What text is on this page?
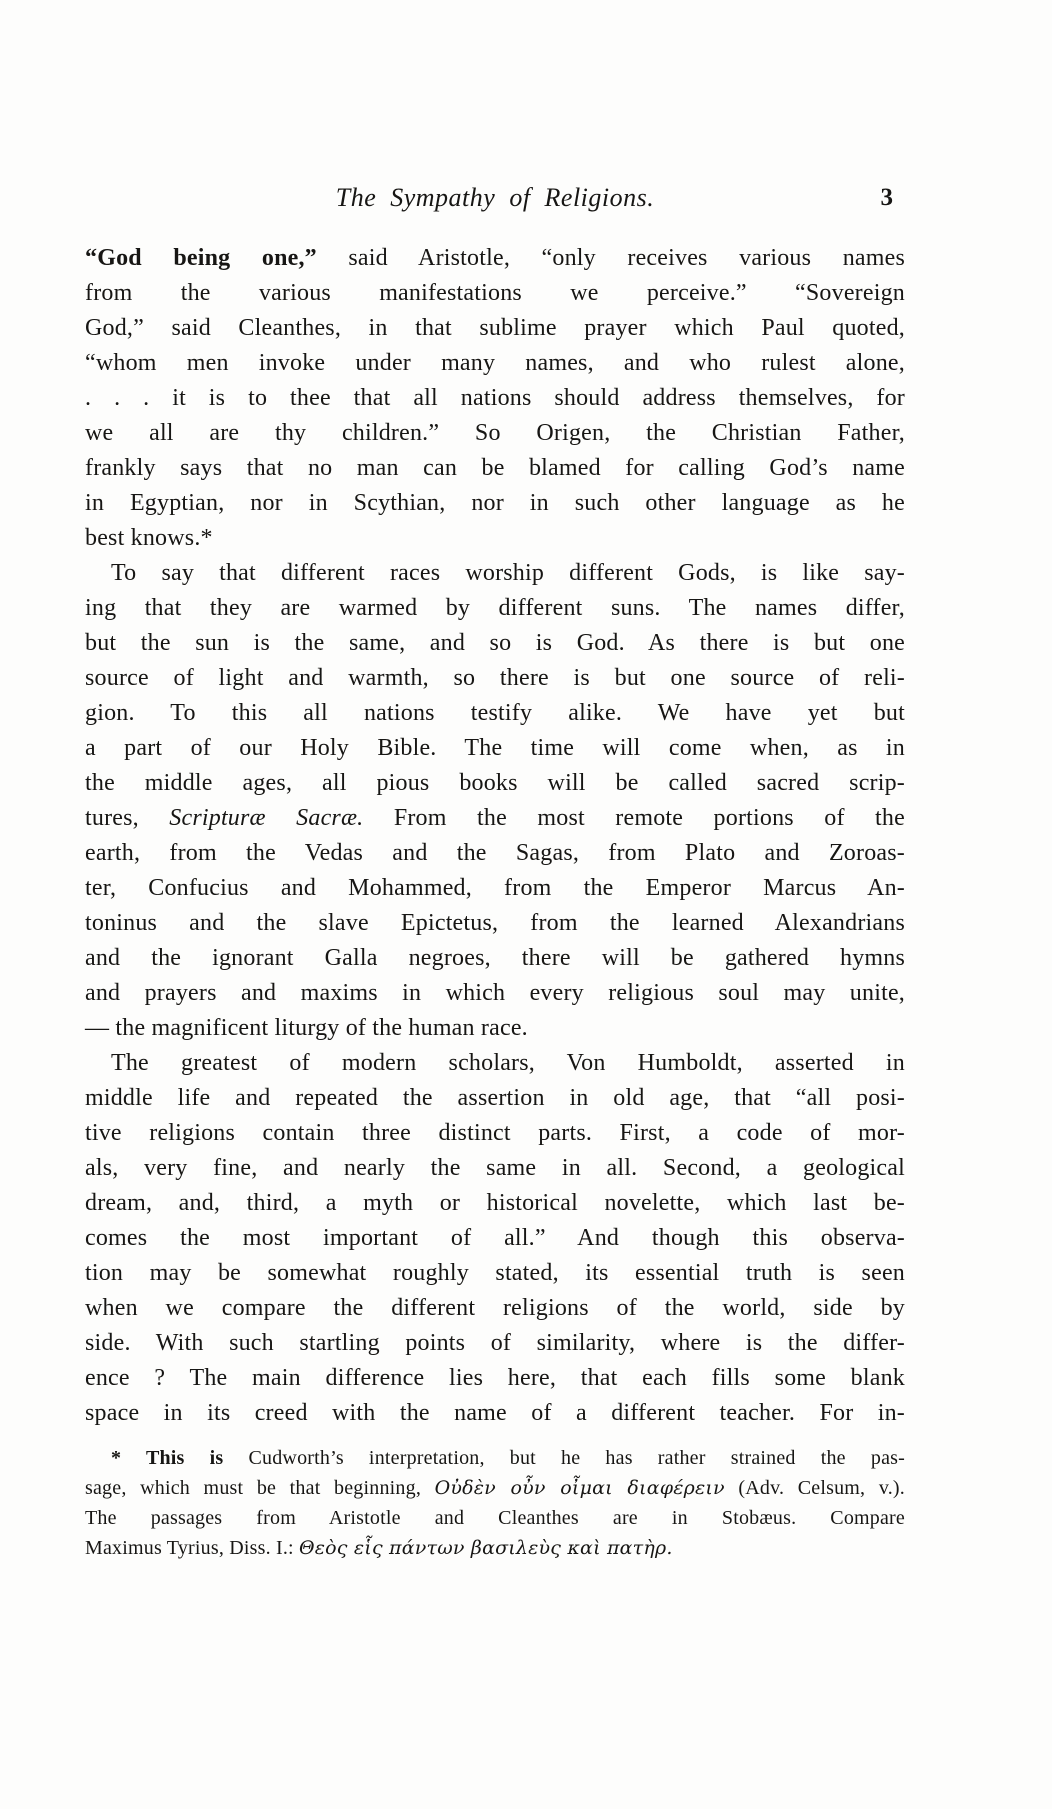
The Sympathy of Religions.	3
“God being one,” said Aristotle, “only receives various names
from the various manifestations we perceive.” “Sovereign
God,” said Cleanthes, in that sublime prayer which Paul quoted,
“whom men invoke under many names, and who rulest alone,
. . . it is to thee that all nations should address themselves, for
we all are thy children.” So Origen, the Christian Father,
frankly says that no man can be blamed for calling God’s name
in Egyptian, nor in Scythian, nor in such other language as he
best knows.*
To say that different races worship different Gods, is like say-
ing that they are warmed by different suns. The names differ,
but the sun is the same, and so is God. As there is but one
source of light and warmth, so there is but one source of reli-
gion. To this all nations testify alike. We have yet but
a part of our Holy Bible. The time will come when, as in
the middle ages, all pious books will be called sacred scrip-
tures, Scripturæ Sacræ. From the most remote portions of the
earth, from the Vedas and the Sagas, from Plato and Zoroas-
ter, Confucius and Mohammed, from the Emperor Marcus An-
toninus and the slave Epictetus, from the learned Alexandrians
and the ignorant Galla negroes, there will be gathered hymns
and prayers and maxims in which every religious soul may unite,
— the magnificent liturgy of the human race.
The greatest of modern scholars, Von Humboldt, asserted in
middle life and repeated the assertion in old age, that “all posi-
tive religions contain three distinct parts. First, a code of mor-
als, very fine, and nearly the same in all. Second, a geological
dream, and, third, a myth or historical novelette, which last be-
comes the most important of all.” And though this observa-
tion may be somewhat roughly stated, its essential truth is seen
when we compare the different religions of the world, side by
side. With such startling points of similarity, where is the differ-
ence ? The main difference lies here, that each fills some blank
space in its creed with the name of a different teacher. For in-
* This is Cudworth’s interpretation, but he has rather strained the pas-
sage, which must be that beginning, Οὐδὲν οὖν οἶμαι διαφέρειν (Adv. Celsum, v.).
The passages from Aristotle and Cleanthes are in Stobæus. Compare
Maximus Tyrius, Diss. I.: Θεὸς εἷς πάντων βασιλεὺς καὶ πατὴρ.
